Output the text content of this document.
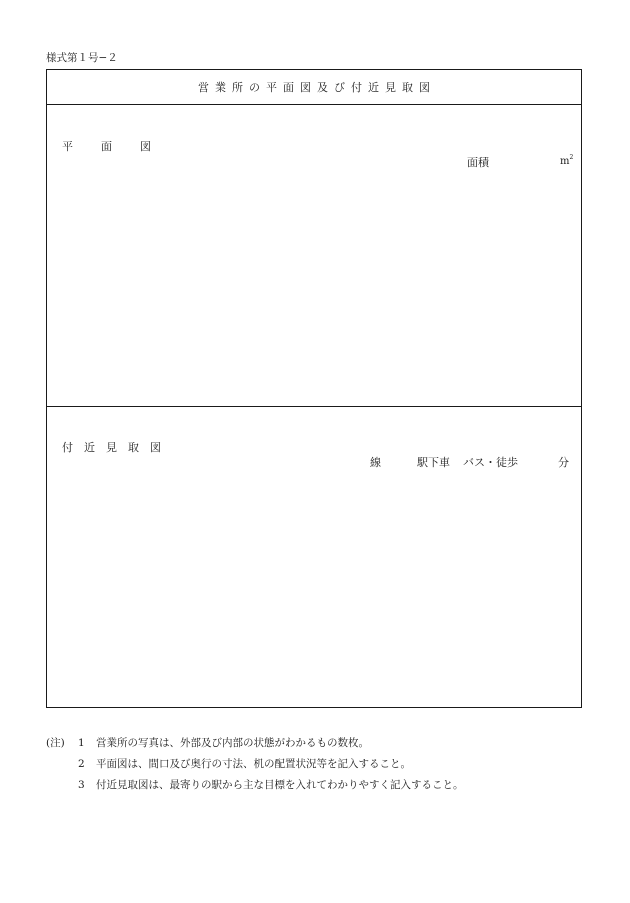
様式第１号−２
営業所の平面図及び付近見取図
平面図
面積	$m^2$
付近見取図
線	駅下車 バス・徒歩	分
(注)	1	営業所の写真は、外部及び内部の状態がわかるもの数枚。
2	平面図は、間口及び奥行の寸法、机の配置状況等を記入すること。
3	付近見取図は、最寄りの駅から主な目標を入れてわかりやすく記入すること。
